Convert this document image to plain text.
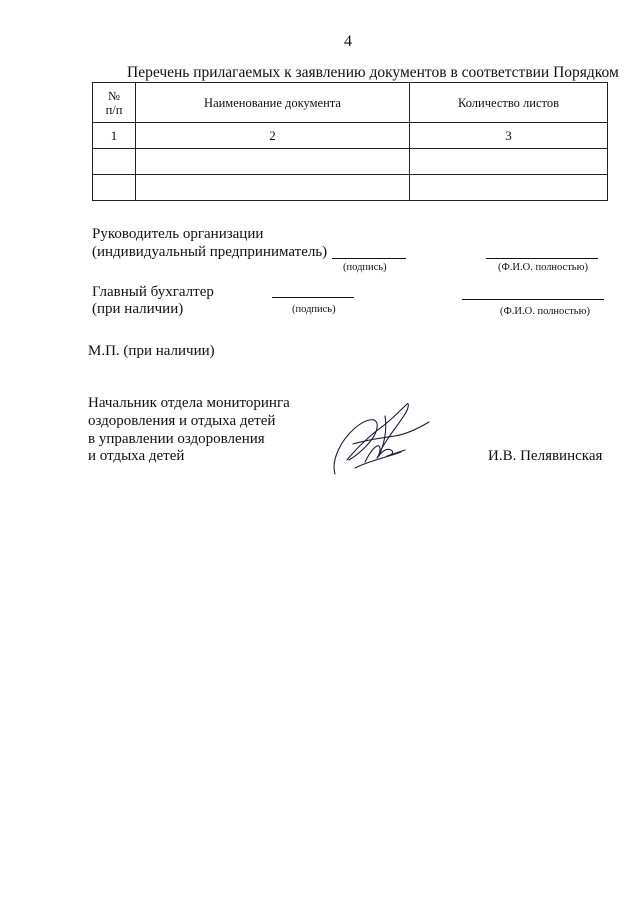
4
Перечень прилагаемых к заявлению документов в соответствии Порядком
№
п/п	Наименование документа	Количество листов
1	2	3

Руководитель организации
(индивидуальный предприниматель)
(подпись)	(Ф.И.О. полностью)
Главный бухгалтер
(при наличии)	(подпись)	(Ф.И.О. полностью)
М.П. (при наличии)
Начальник отдела мониторинга
оздоровления и отдыха детей
в управлении оздоровления
и отдыха детей	И.В. Пелявинская
